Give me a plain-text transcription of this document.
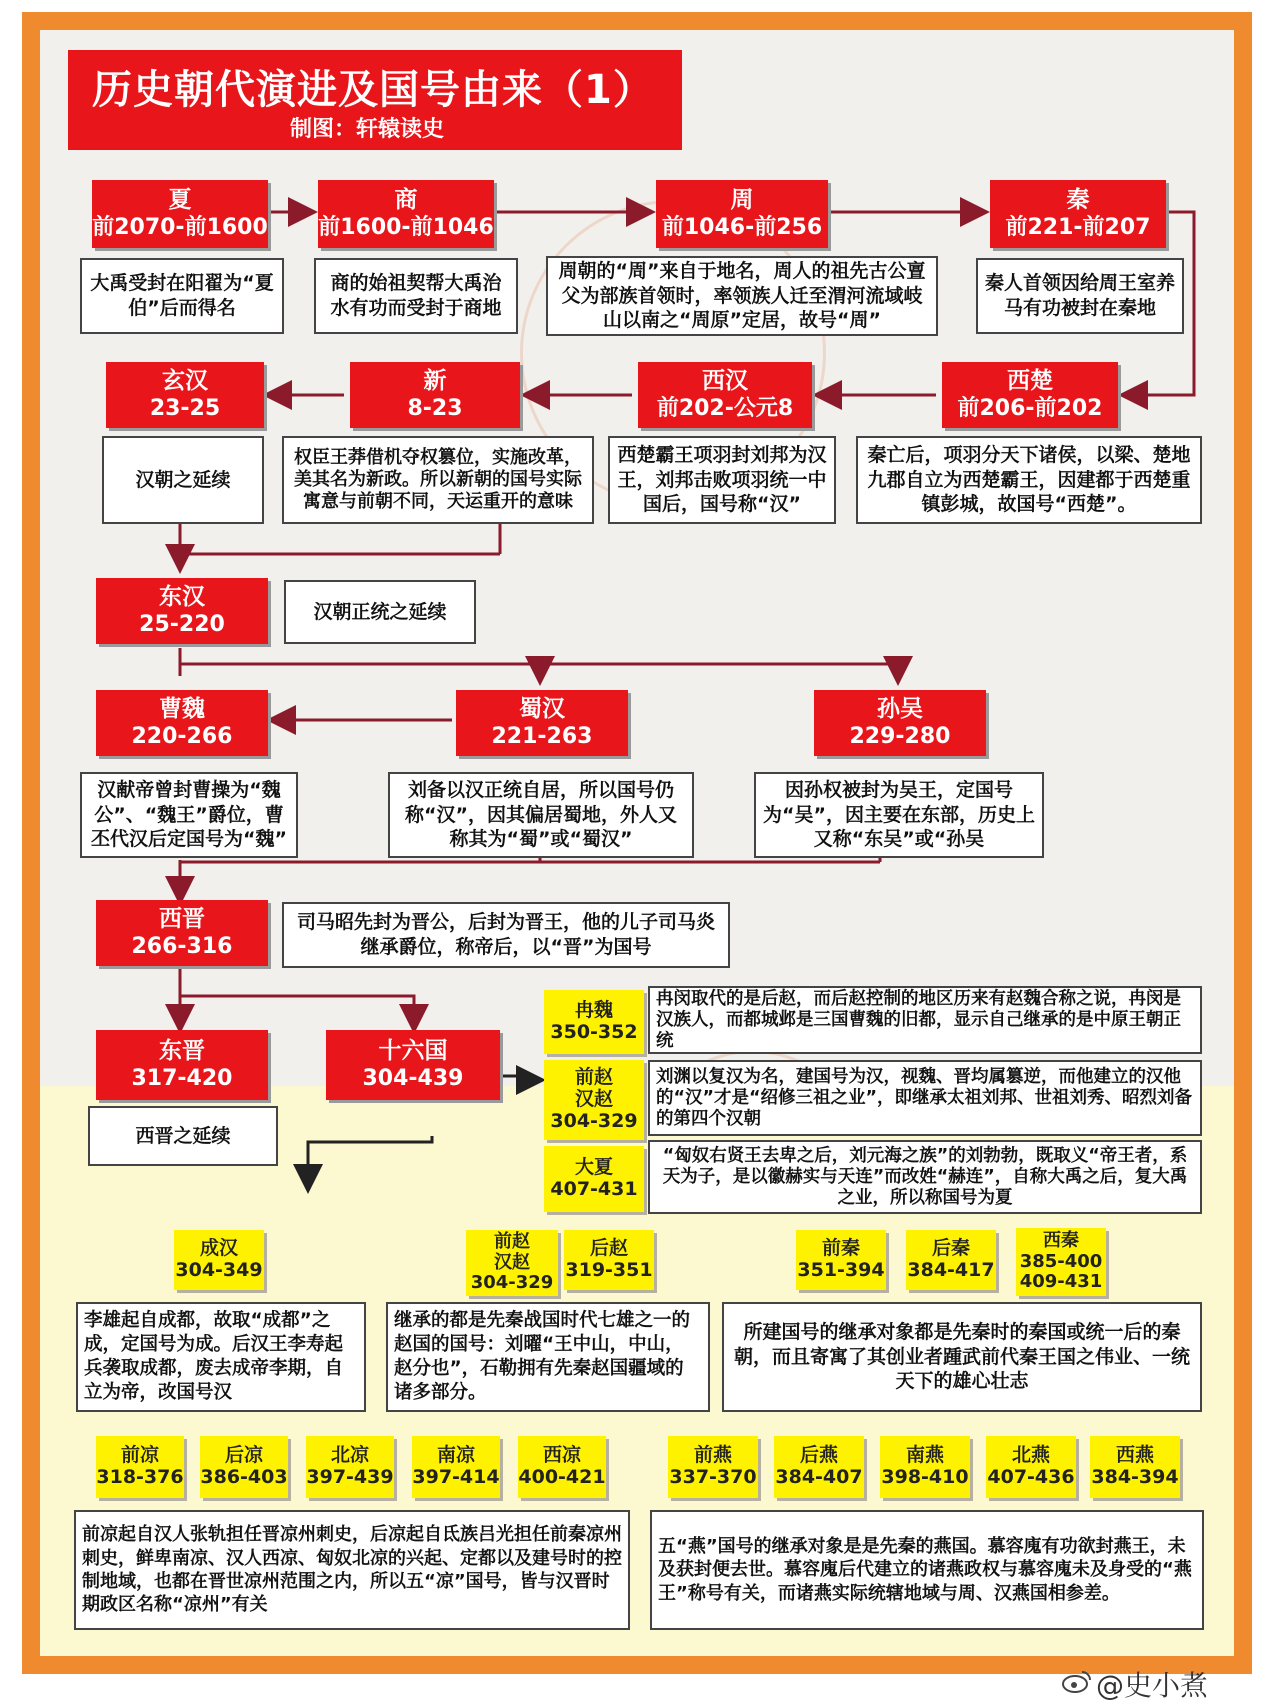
历史朝代演进及国号由来（1）
制图：轩辕读史
夏
前2070-前1600
商
前1600-前1046
周
前1046-前256
秦
前221-前207
大禹受封在阳翟为“夏伯”后而得名
商的始祖契帮大禹治水有功而受封于商地
周朝的“周”来自于地名，周人的祖先古公亶父为部族首领时，率领族人迁至渭河流域岐山以南之“周原”定居，故号“周”
秦人首领因给周王室养马有功被封在秦地
玄汉
23-25
新
8-23
西汉
前202-公元8
西楚
前206-前202
汉朝之延续
权臣王莽借机夺权篡位，实施改革，美其名为新政。所以新朝的国号实际寓意与前朝不同，天运重开的意味
西楚霸王项羽封刘邦为汉王，刘邦击败项羽统一中国后，国号称“汉”
秦亡后，项羽分天下诸侯，以梁、楚地九郡自立为西楚霸王，因建都于西楚重镇彭城，故国号“西楚”。
东汉
25-220	汉朝正统之延续
曹魏
220-266
蜀汉
221-263
孙吴
229-280
汉献帝曾封曹操为“魏公”、“魏王”爵位，曹丕代汉后定国号为“魏”
刘备以汉正统自居，所以国号仍称“汉”，因其偏居蜀地，外人又称其为“蜀”或“蜀汉”
因孙权被封为吴王，定国号为“吴”，因主要在东部，历史上又称“东吴”或“孙吴
西晋
266-316
司马昭先封为晋公，后封为晋王，他的儿子司马炎继承爵位，称帝后，以“晋”为国号
东晋
317-420
西晋之延续
十六国
304-439
冉魏
350-352
冉闵取代的是后赵，而后赵控制的地区历来有赵魏合称之说，冉闵是汉族人，而都城邺是三国曹魏的旧都，显示自己继承的是中原王朝正统
前赵
汉赵
304-329
刘渊以复汉为名，建国号为汉，视魏、晋均属篡逆，而他建立的汉他的“汉”才是“绍修三祖之业”，即继承太祖刘邦、世祖刘秀、昭烈刘备的第四个汉朝
大夏
407-431
“匈奴右贤王去卑之后，刘元海之族”的刘勃勃，既取义“帝王者，系天为子，是以徽赫实与天连”而改姓“赫连”，自称大禹之后，复大禹之业，所以称国号为夏
成汉
304-349
李雄起自成都，故取“成都”之成，定国号为成。后汉王李寿起兵袭取成都，废去成帝李期，自立为帝，改国号汉
前赵
汉赵
304-329
后赵
319-351
继承的都是先秦战国时代七雄之一的赵国的国号：刘曜“王中山，中山，赵分也”，石勒拥有先秦赵国疆域的诸多部分。
前秦
351-394
后秦
384-417
西秦
385-400
409-431
所建国号的继承对象都是先秦时的秦国或统一后的秦朝，而且寄寓了其创业者踵武前代秦王国之伟业、一统天下的雄心壮志
前凉
318-376
后凉
386-403
北凉
397-439
南凉
397-414
西凉
400-421
前凉起自汉人张轨担任晋凉州刺史，后凉起自氐族吕光担任前秦凉州刺史，鲜卑南凉、汉人西凉、匈奴北凉的兴起、定都以及建号时的控制地域，也都在晋世凉州范围之内，所以五“凉”国号，皆与汉晋时期政区名称“凉州”有关
前燕
337-370
后燕
384-407
南燕
398-410
北燕
407-436
西燕
384-394
五“燕”国号的继承对象是是先秦的燕国。慕容廆有功欲封燕王，未及获封便去世。慕容廆后代建立的诸燕政权与慕容廆未及身受的“燕王”称号有关，而诸燕实际统辖地域与周、汉燕国相参差。
@史小煮
